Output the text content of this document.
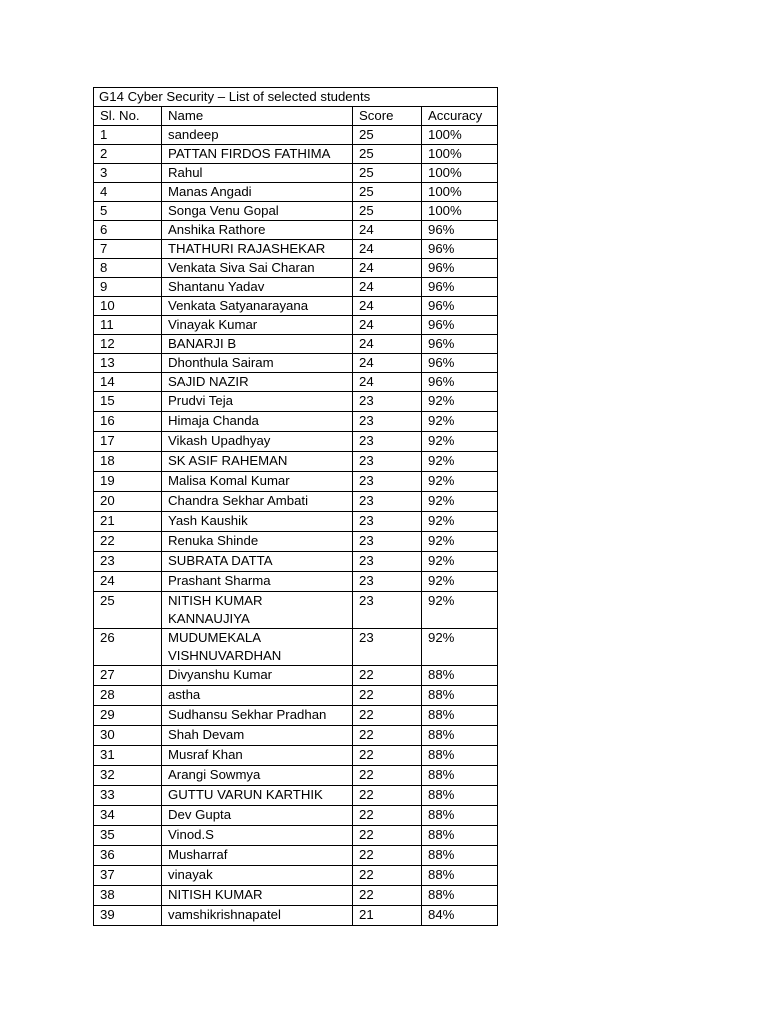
G14 Cyber Security – List of selected students			
Sl. No.	Name	Score	Accuracy
1	sandeep	25	100%
2	PATTAN FIRDOS FATHIMA	25	100%
3	Rahul	25	100%
4	Manas Angadi	25	100%
5	Songa Venu Gopal	25	100%
6	Anshika Rathore	24	96%
7	THATHURI RAJASHEKAR	24	96%
8	Venkata Siva Sai Charan	24	96%
9	Shantanu Yadav	24	96%
10	Venkata Satyanarayana	24	96%
11	Vinayak Kumar	24	96%
12	BANARJI B	24	96%
13	Dhonthula Sairam	24	96%
14	SAJID NAZIR	24	96%
15	Prudvi Teja	23	92%
16	Himaja Chanda	23	92%
17	Vikash Upadhyay	23	92%
18	SK ASIF RAHEMAN	23	92%
19	Malisa Komal Kumar	23	92%
20	Chandra Sekhar Ambati	23	92%
21	Yash Kaushik	23	92%
22	Renuka Shinde	23	92%
23	SUBRATA DATTA	23	92%
24	Prashant Sharma	23	92%
25	NITISH KUMAR KANNAUJIYA	23	92%
26	MUDUMEKALA VISHNUVARDHAN	23	92%
27	Divyanshu Kumar	22	88%
28	astha	22	88%
29	Sudhansu Sekhar Pradhan	22	88%
30	Shah Devam	22	88%
31	Musraf Khan	22	88%
32	Arangi Sowmya	22	88%
33	GUTTU VARUN KARTHIK	22	88%
34	Dev Gupta	22	88%
35	Vinod.S	22	88%
36	Musharraf	22	88%
37	vinayak	22	88%
38	NITISH KUMAR	22	88%
39	vamshikrishnapatel	21	84%
